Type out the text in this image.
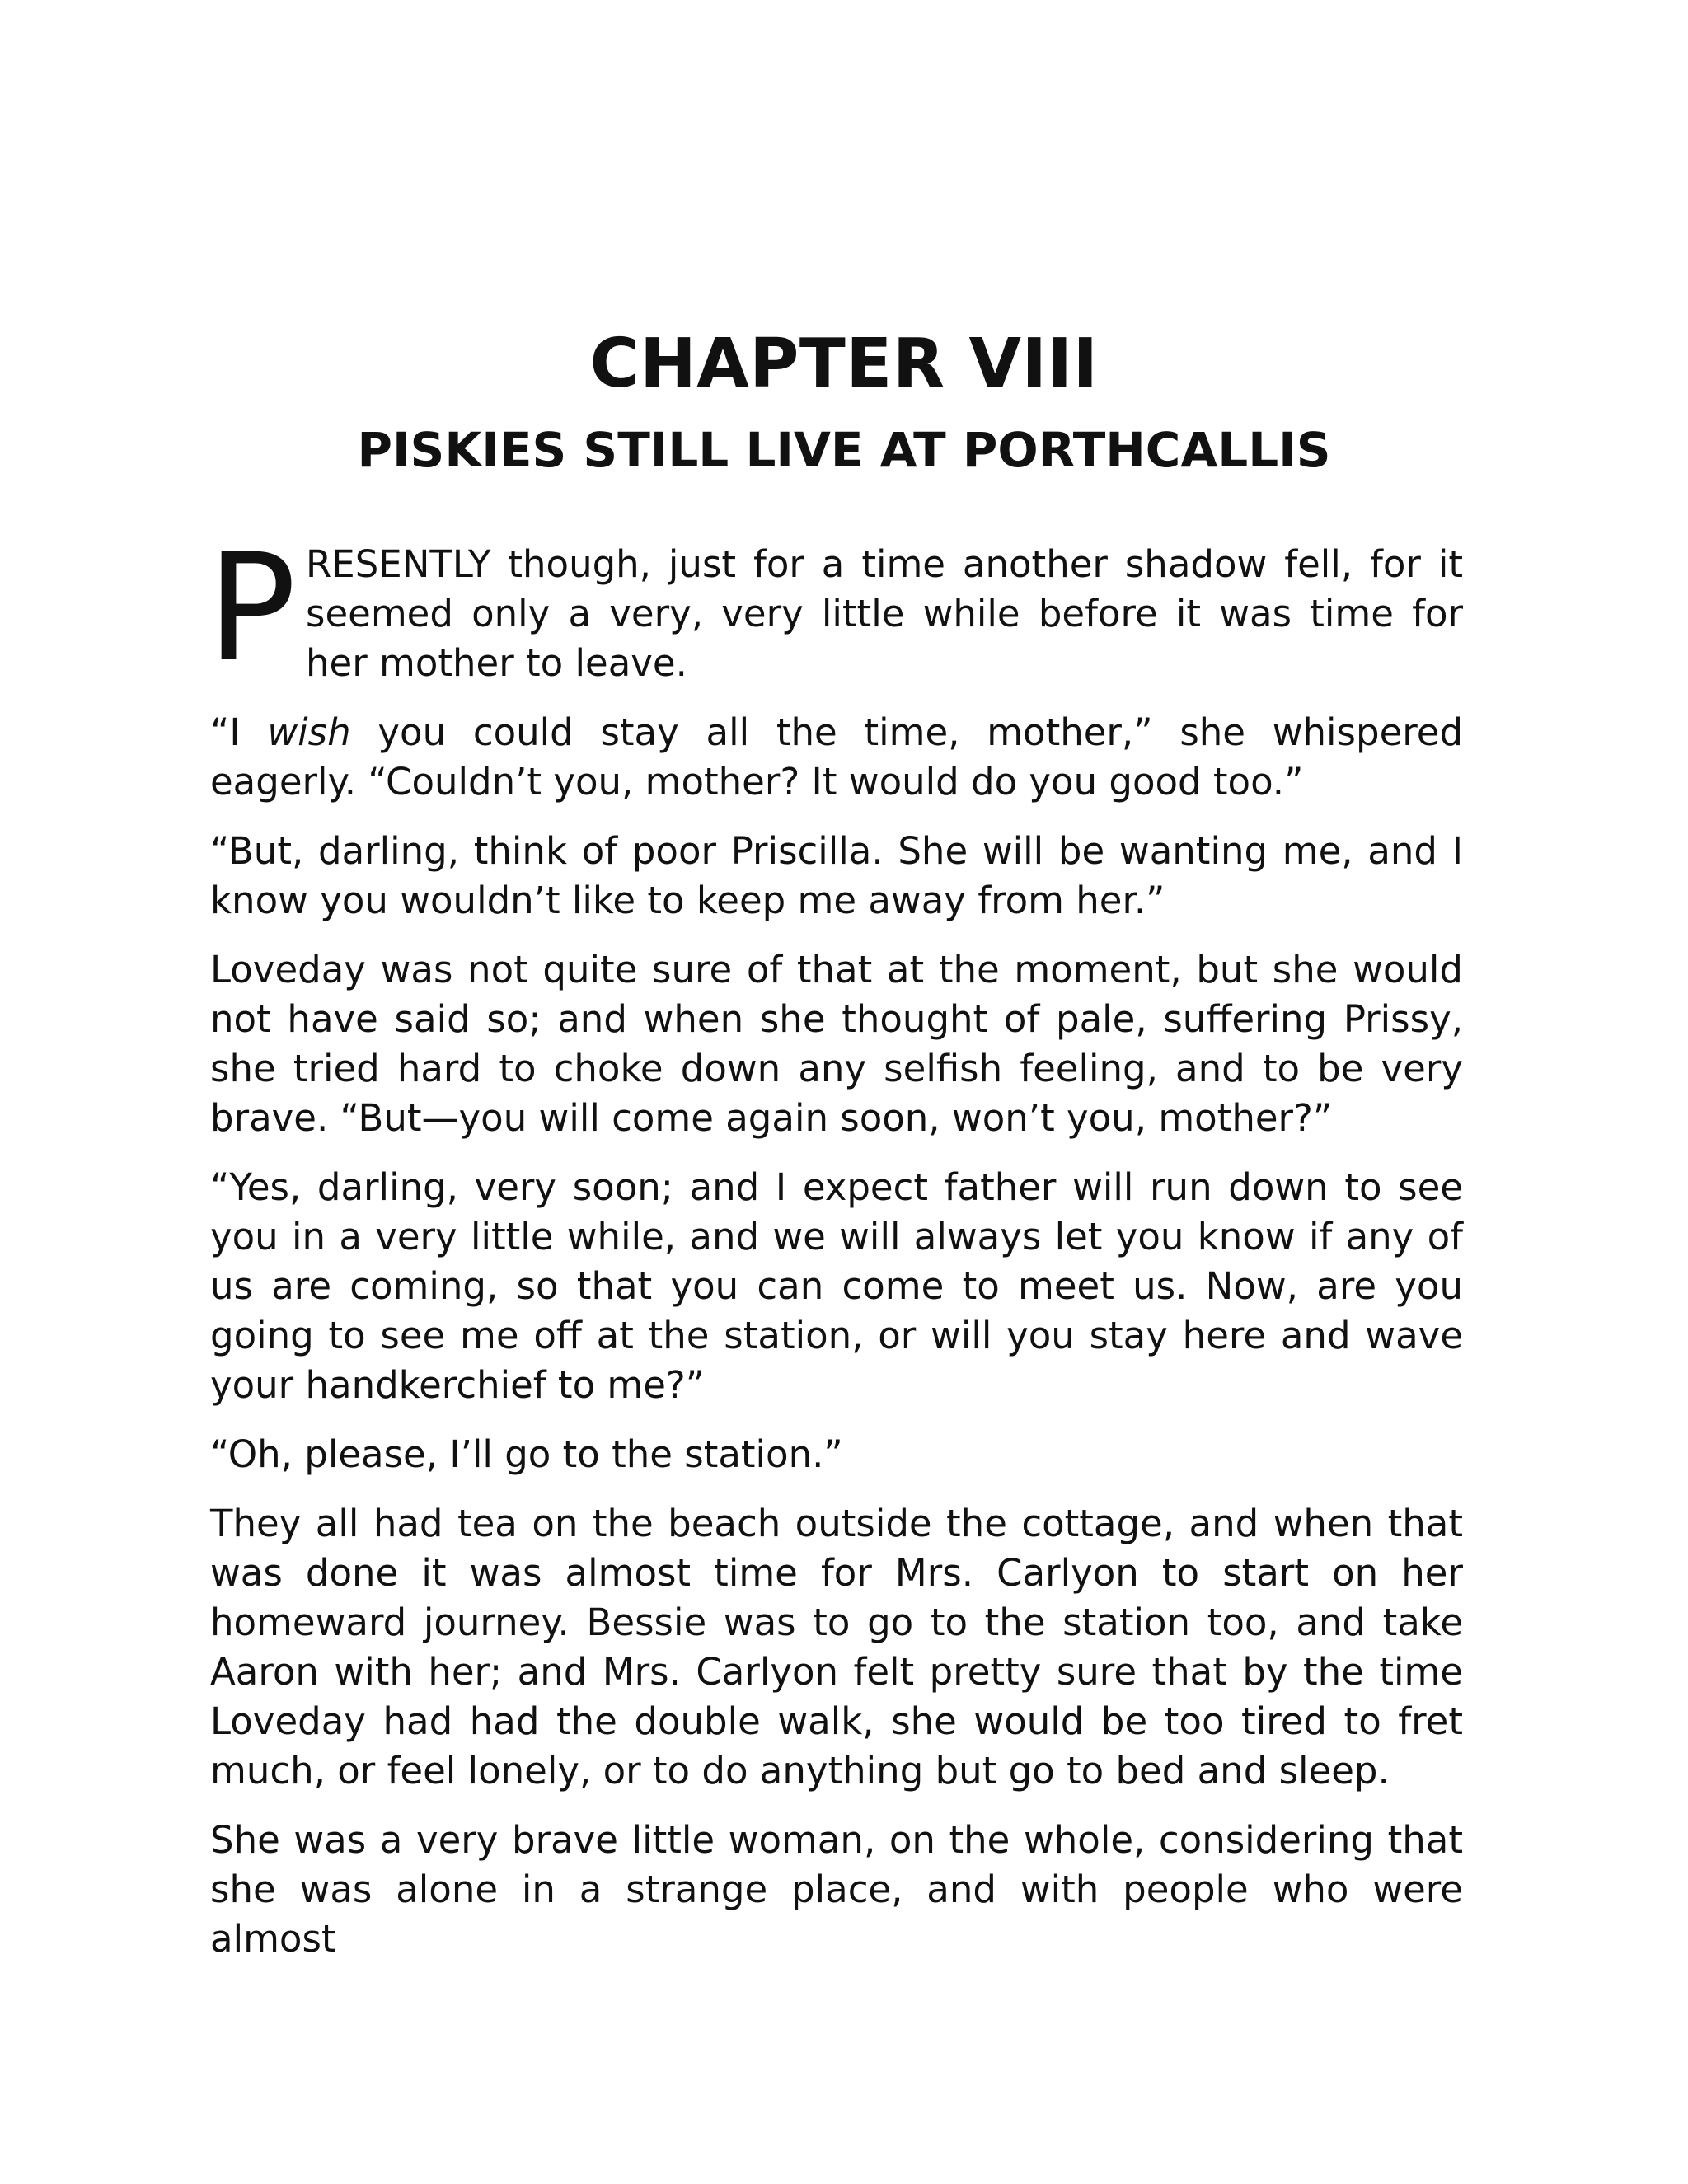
CHAPTER VIII
PISKIES STILL LIVE AT PORTHCALLIS

P RESENTLY though, just for a time another shadow fell, for it seemed only a very, very little while before it was time for her mother to leave.

“I wish you could stay all the time, mother,” she whispered eagerly. “Couldn’t you, mother? It would do you good too.”

“But, darling, think of poor Priscilla. She will be wanting me, and I know you wouldn’t like to keep me away from her.”

Loveday was not quite sure of that at the moment, but she would not have said so; and when she thought of pale, suffering Prissy, she tried hard to choke down any selfish feeling, and to be very brave. “But—you will come again soon, won’t you, mother?”

“Yes, darling, very soon; and I expect father will run down to see you in a very little while, and we will always let you know if any of us are coming, so that you can come to meet us. Now, are you going to see me off at the station, or will you stay here and wave your handkerchief to me?”

“Oh, please, I’ll go to the station.”

They all had tea on the beach outside the cottage, and when that was done it was almost time for Mrs. Carlyon to start on her homeward journey. Bessie was to go to the station too, and take Aaron with her; and Mrs. Carlyon felt pretty sure that by the time Loveday had had the double walk, she would be too tired to fret much, or feel lonely, or to do anything but go to bed and sleep.

She was a very brave little woman, on the whole, considering that she was alone in a strange place, and with people who were almost
